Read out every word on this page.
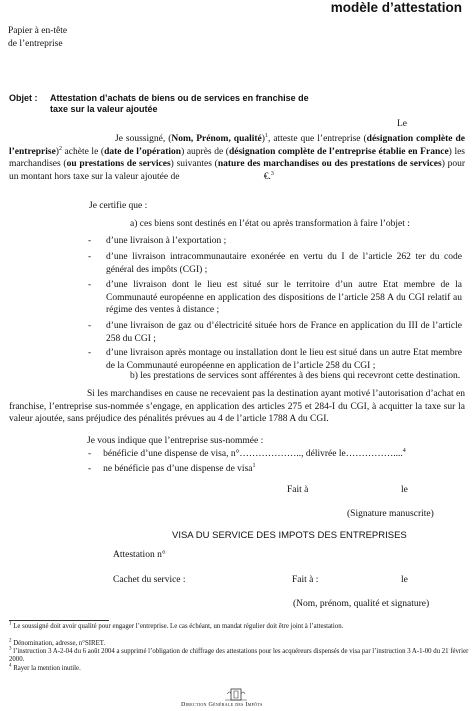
modèle d’attestation
Papier à en-tête
de l’entreprise
Objet : Attestation d’achats de biens ou de services en franchise de taxe sur la valeur ajoutée
Le
Je soussigné, (Nom, Prénom, qualité)$^1$, atteste que l’entreprise (désignation complète de l’entreprise)$^2$ achète le (date de l’opération) auprès de (désignation complète de l’entreprise établie en France) les marchandises (ou prestations de services) suivantes (nature des marchandises ou des prestations de services) pour un montant hors taxe sur la valeur ajoutée de	€.$^3$
Je certifie que :
a) ces biens sont destinés en l’état ou après transformation à faire l’objet :
-	d’une livraison à l’exportation ;
-	d’une livraison intracommunautaire exonérée en vertu du I de l’article 262 ter du code général des impôts (CGI) ;
-	d’une livraison dont le lieu est situé sur le territoire d’un autre Etat membre de la Communauté européenne en application des dispositions de l’article 258 A du CGI relatif au régime des ventes à distance ;
-	d’une livraison de gaz ou d’électricité située hors de France en application du III de l’article 258 du CGI ;
-	d’une livraison après montage ou installation dont le lieu est situé dans un autre Etat membre de la Communauté européenne en application de l’article 258 du CGI ;
b) les prestations de services sont afférentes à des biens qui recevront cette destination.
Si les marchandises en cause ne recevaient pas la destination ayant motivé l’autorisation d’achat en franchise, l’entreprise sus-nommée s’engage, en application des articles 275 et 284-I du CGI, à acquitter la taxe sur la valeur ajoutée, sans préjudice des pénalités prévues au 4 de l’article 1788 A du CGI.
Je vous indique que l’entreprise sus-nommée :
- bénéficie d’une dispense de visa, n°……………….., délivrée le……………....$^4$
- ne bénéficie pas d’une dispense de visa$^1$
Fait à	le
(Signature manuscrite)
VISA DU SERVICE DES IMPOTS DES ENTREPRISES
Attestation n°
Cachet du service :	Fait à :	le
(Nom, prénom, qualité et signature)
$^1$ Le soussigné doit avoir qualité pour engager l’entreprise. Le cas échéant, un mandat régulier doit être joint à l’attestation.
$^2$ Dénomination, adresse, n°SIRET.
$^3$ l’instruction 3 A-2-04 du 6 août 2004 a supprimé l’obligation de chiffrage des attestations pour les acquéreurs dispensés de visa par l’instruction 3 A-1-00 du 21 février 2000.
$^4$ Rayer la mention inutile.
Direction Générale des Impôts
